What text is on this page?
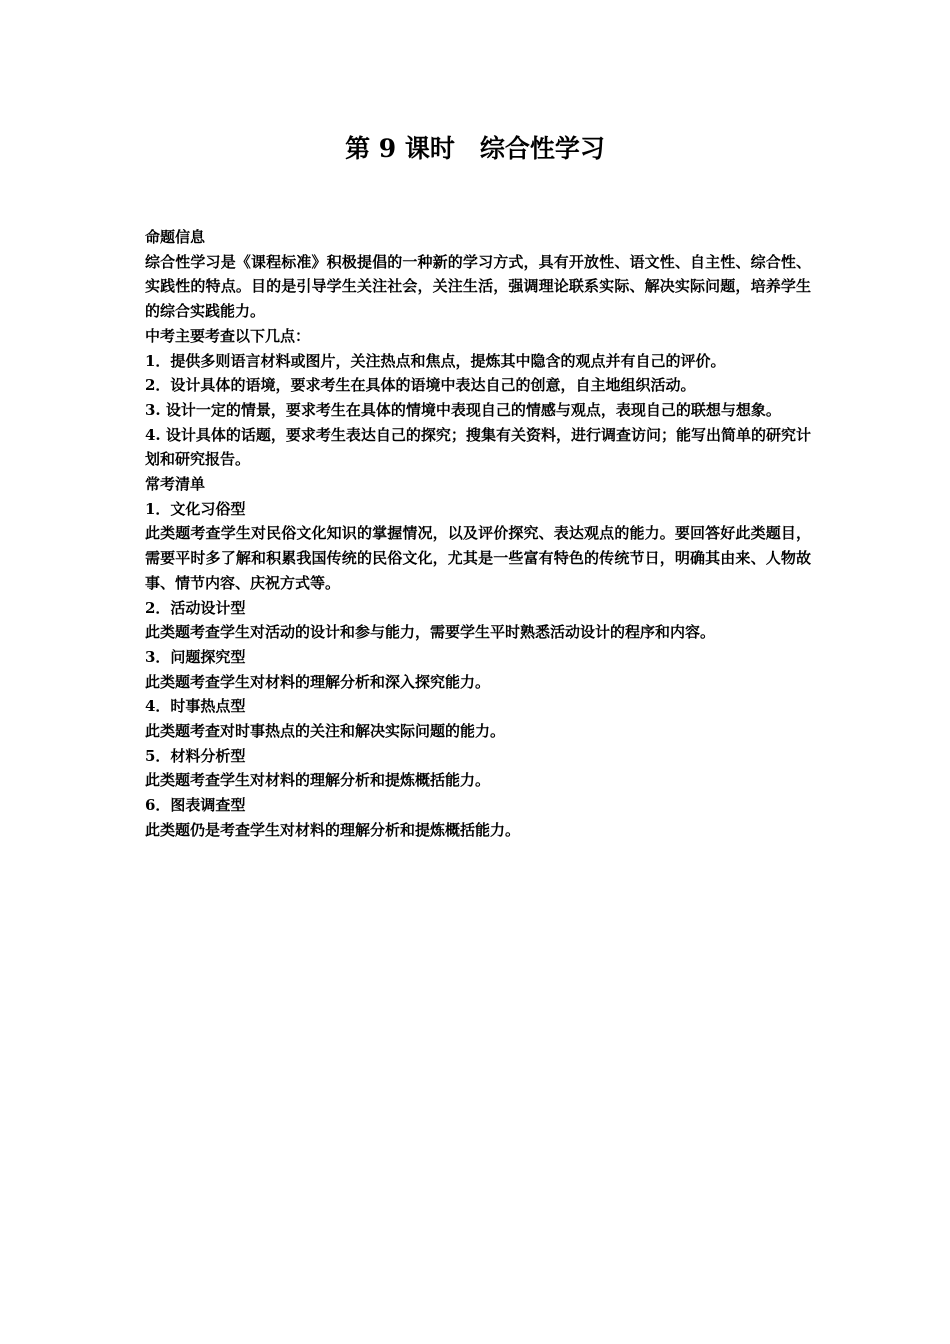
第 9 课时　综合性学习

命题信息

综合性学习是《课程标准》积极提倡的一种新的学习方式，具有开放性、语文性、自主性、综合性、实践性的特点。目的是引导学生关注社会，关注生活，强调理论联系实际、解决实际问题，培养学生的综合实践能力。

中考主要考查以下几点：

1．提供多则语言材料或图片，关注热点和焦点，提炼其中隐含的观点并有自己的评价。

2．设计具体的语境，要求考生在具体的语境中表达自己的创意，自主地组织活动。

3. 设计一定的情景，要求考生在具体的情境中表现自己的情感与观点，表现自己的联想与想象。

4. 设计具体的话题，要求考生表达自己的探究；搜集有关资料，进行调查访问；能写出简单的研究计划和研究报告。

常考清单

1．文化习俗型

此类题考查学生对民俗文化知识的掌握情况，以及评价探究、表达观点的能力。要回答好此类题目，需要平时多了解和积累我国传统的民俗文化，尤其是一些富有特色的传统节日，明确其由来、人物故事、情节内容、庆祝方式等。

2．活动设计型

此类题考查学生对活动的设计和参与能力，需要学生平时熟悉活动设计的程序和内容。

3．问题探究型

此类题考查学生对材料的理解分析和深入探究能力。

4．时事热点型

此类题考查对时事热点的关注和解决实际问题的能力。

5．材料分析型

此类题考查学生对材料的理解分析和提炼概括能力。

6．图表调查型

此类题仍是考查学生对材料的理解分析和提炼概括能力。
